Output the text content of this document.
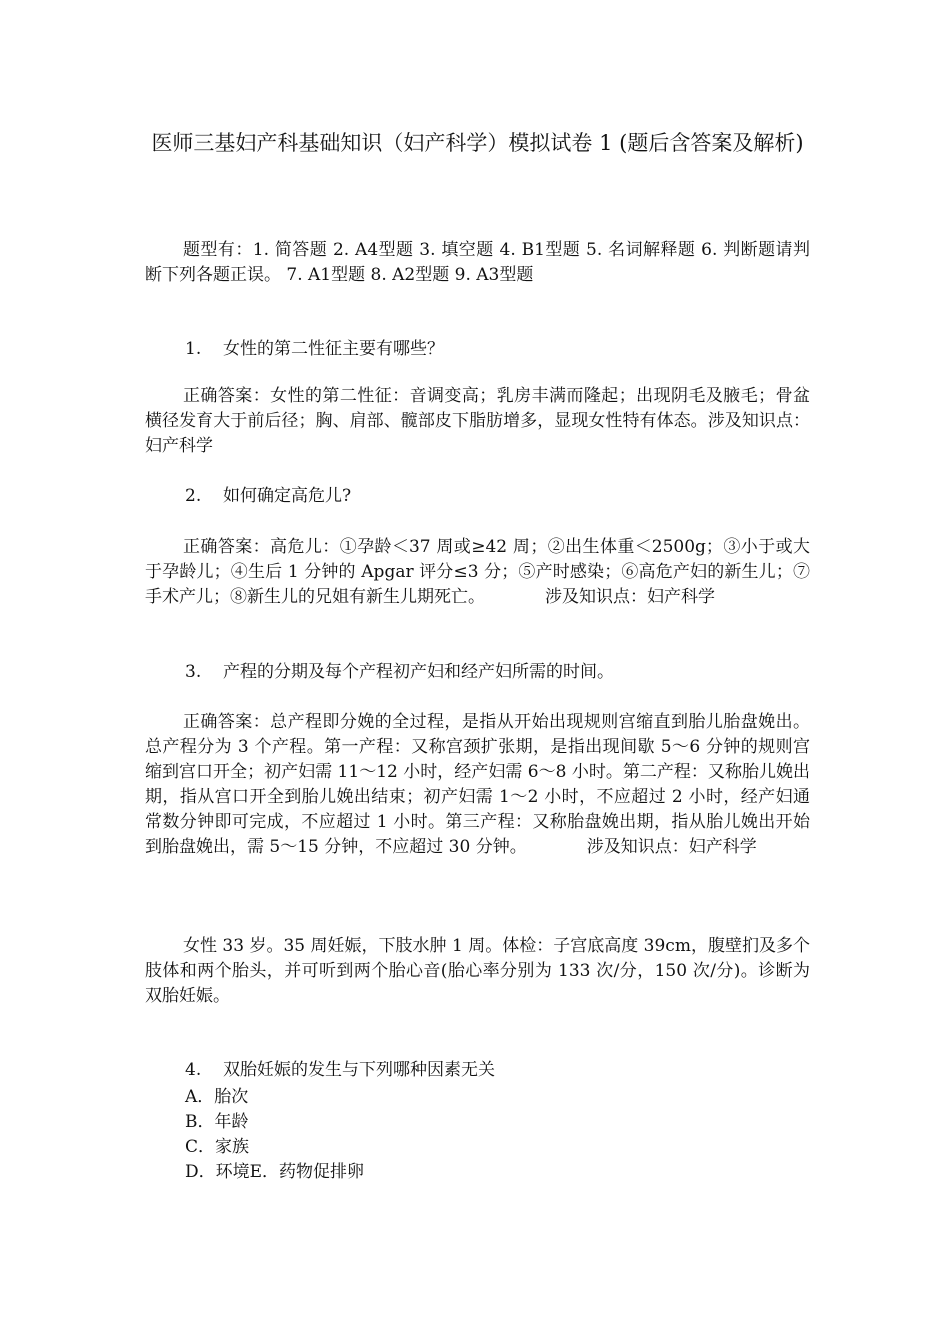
医师三基妇产科基础知识（妇产科学）模拟试卷 1 (题后含答案及解析)

题型有：1. 简答题 2. A4型题 3. 填空题 4. B1型题 5. 名词解释题 6. 判断题请判断下列各题正误。 7. A1型题 8. A2型题 9. A3型题

1. 女性的第二性征主要有哪些？

正确答案：女性的第二性征：音调变高；乳房丰满而隆起；出现阴毛及腋毛；骨盆横径发育大于前后径；胸、肩部、髋部皮下脂肪增多，显现女性特有体态。涉及知识点：妇产科学

2. 如何确定高危儿?

正确答案：高危儿：①孕龄＜37 周或≥42 周；②出生体重＜2500g；③小于或大于孕龄儿；④生后 1 分钟的 Apgar 评分≤3 分；⑤产时感染；⑥高危产妇的新生儿；⑦手术产儿；⑧新生儿的兄姐有新生儿期死亡。	涉及知识点：妇产科学

3. 产程的分期及每个产程初产妇和经产妇所需的时间。

正确答案：总产程即分娩的全过程，是指从开始出现规则宫缩直到胎儿胎盘娩出。总产程分为 3 个产程。第一产程：又称宫颈扩张期，是指出现间歇 5～6 分钟的规则宫缩到宫口开全；初产妇需 11～12 小时，经产妇需 6～8 小时。第二产程：又称胎儿娩出期，指从宫口开全到胎儿娩出结束；初产妇需 1～2 小时，不应超过 2 小时，经产妇通常数分钟即可完成，不应超过 1 小时。第三产程：又称胎盘娩出期，指从胎儿娩出开始到胎盘娩出，需 5～15 分钟，不应超过 30 分钟。	涉及知识点：妇产科学

女性 33 岁。35 周妊娠，下肢水肿 1 周。体检：子宫底高度 39cm，腹壁扪及多个肢体和两个胎头，并可听到两个胎心音(胎心率分别为 133 次/分，150 次/分)。诊断为双胎妊娠。

4. 双胎妊娠的发生与下列哪种因素无关

A．胎次
B．年龄
C．家族
D．环境E．药物促排卵
